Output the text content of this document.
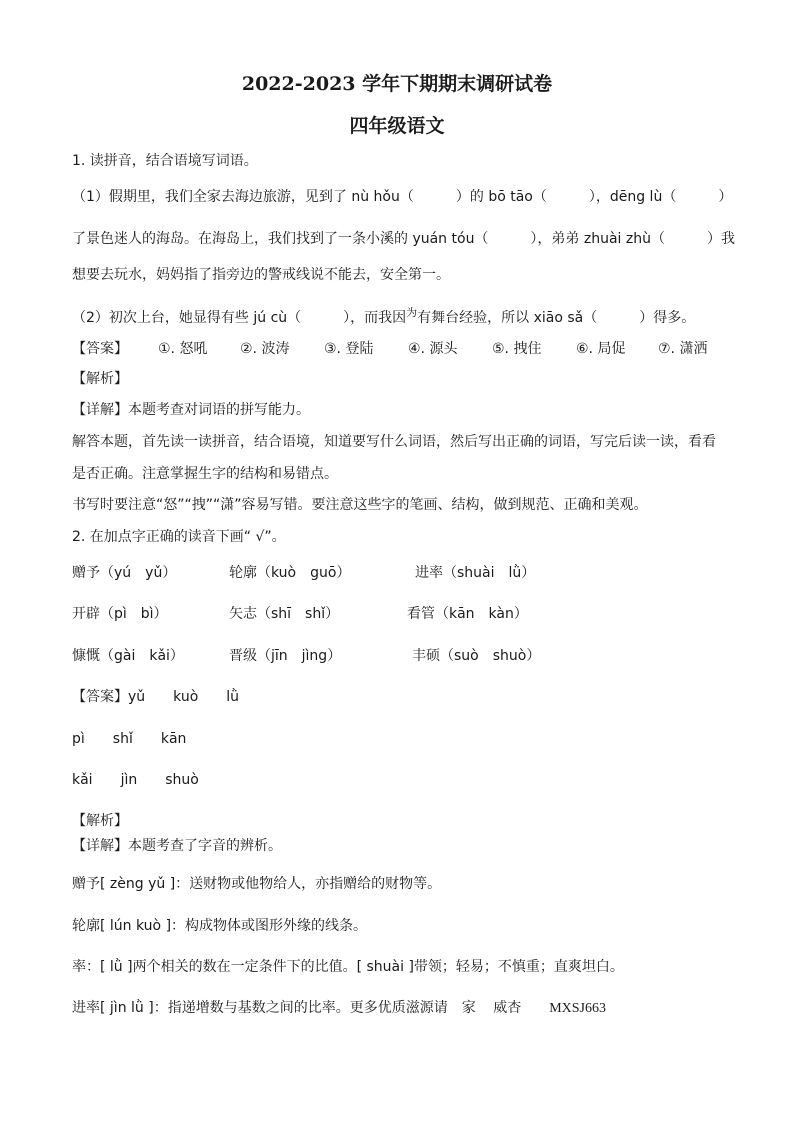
2022-2023 学年下期期末调研试卷
四年级语文
1. 读拼音，结合语境写词语。
（1）假期里，我们全家去海边旅游，见到了 nù hǒu（　　　）的 bō tāo（　　　），dēng lù（　　　）
了景色迷人的海岛。在海岛上，我们找到了一条小溪的 yuán tóu（　　　），弟弟 zhuài zhù（　　　）我
想要去玩水，妈妈指了指旁边的警戒线说不能去，安全第一。
（2）初次上台，她显得有些 jú cù（　　　），而我因$^为$有舞台经验，所以 xiāo sǎ（　　　）得多。
【答案】 ①. 怒吼 ②. 波涛 ③. 登陆 ④. 源头 ⑤. 拽住 ⑥. 局促 ⑦. 潇洒
【解析】
【详解】本题考查对词语的拼写能力。
解答本题，首先读一读拼音，结合语境，知道要写什么词语，然后写出正确的词语，写完后读一读，看看
是否正确。注意掌握生字的结构和易错点。
书写时要注意“怒”“拽”“潇”容易写错。要注意这些字的笔画、结构，做到规范、正确和美观。
2. 在加点字正确的读音下画“ √”。
赠予（yú　yǔ）	轮廓（kuò　guō）	进率（shuài　lǜ）
开辟（pì　bì）	矢志（shī　shǐ）	看管（kān　kàn）
慷慨（gài　kǎi）	晋级（jīn　jìng）	丰硕（suò　shuò）
【答案】 yǔ　　kuò　　lǜ
pì　　shǐ　　kān
kǎi　　jìn　　shuò
【解析】
【详解】本题考查了字音的辨析。
赠予[ zèng yǔ ]：送财物或他物给人，亦指赠给的财物等。
轮廓[ lún kuò ]：构成物体或图形外缘的线条。
率：[ lǜ ]两个相关的数在一定条件下的比值。[ shuài ]带领；轻易；不慎重；直爽坦白。
进率[ jìn lǜ ]：指递增数与基数之间的比率。更多优质滋源请 家　 威杏　　MXSJ663
